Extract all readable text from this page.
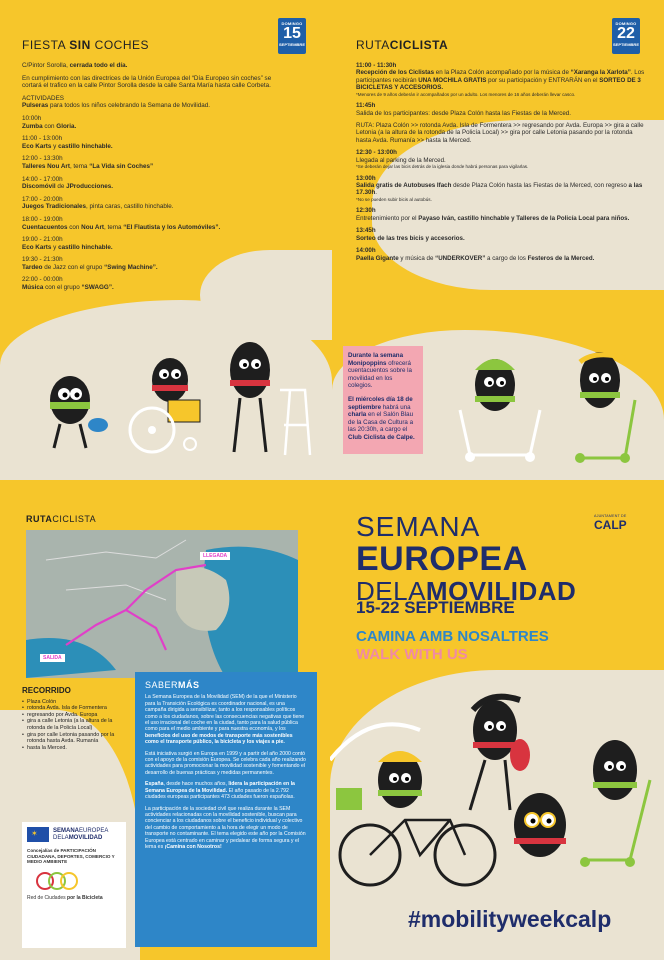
FIESTA SIN COCHES
DOMINGO
15
SEPTIEMBRE

C/Pintor Sorolla, cerrada todo el día.

En cumplimiento con las directrices de la Unión Europea del “Día Europeo sin coches” se cortará el trafico en la calle Pintor Sorolla desde la calle Santa María hasta calle Corbeta.

ACTIVIDADES

Pulseras para todos los niños celebrando la Semana de Movilidad.

10:00h
Zumba con Gloria.

11:00 - 13:00h
Eco Karts y castillo hinchable.

12:00 - 13:30h
Talleres Nou Art, tema “La Vida sin Coches”

14:00 - 17:00h
Discomóvil de JProducciones.

17:00 - 20:00h
Juegos Tradicionales, pinta caras, castillo hinchable.

18:00 - 19:00h
Cuentacuentos con Nou Art, tema “El Flautista y los Automóviles”.

19:00 - 21:00h
Eco Karts y castillo hinchable.

19:30 - 21:30h
Tardeo de Jazz con el grupo “Swing Machine”.

22:00 - 00:00h
Música con el grupo “SWAGG”.

RUTACICLISTA
DOMINGO
22
SEPTIEMBRE

11:00 - 11:30h
Recepción de los Ciclistas en la Plaza Colón acompañado por la música de “Xaranga la Xarlota”. Los participantes recibirán UNA MOCHILA GRATIS por su participación y ENTRARÁN en el SORTEO DE 3 BICICLETAS Y ACCESORIOS.
*Menores de 9 años deberán ir acompañados por un adulto. Los menores de 16 años deberán llevar casco.

11:45h
Salida de los participantes: desde Plaza Colón hasta las Fiestas de la Merced.

RUTA: Plaza Colón >> rotonda Avda. Isla de Formentera >> regresando por Avda. Europa >> gira a calle Letonia (a la altura de la rotonda de la Policía Local) >> gira por calle Letonia pasando por la rotonda hasta Avda. Rumanía >> hasta la Merced.

12:30 - 13:00h
Llegada al parking de la Merced.
*Se deberán dejar las bicis detrás de la iglesia donde habrá personas para vigilarlas.

13:00h
Salida gratis de Autobuses Ifach desde Plaza Colón hasta las Fiestas de la Merced, con regreso a las 17.30h.
*No se pueden subir bicis al autobús.

12:30h
Entretenimiento por el Payaso Iván, castillo hinchable y Talleres de la Policía Local para niños.

13:45h
Sorteo de las tres bicis y accesorios.

14:00h
Paella Gigante y música de “UNDERKOVER” a cargo de los Festeros de la Merced.

Durante la semana Monipoppins ofrecerá cuentacuentos sobre la movilidad en los colegios.

El miércoles día 18 de septiembre habrá una charla en el Salón Blau de la Casa de Cultura a las 20:30h, a cargo el Club Ciclista de Calpe.

RUTACICLISTA
LLEGADA
SALIDA
RECORRIDO
• Plaza Colón
• rotonda Avda. Isla de Formentera
• regresando por Avda. Europa
• gira a calle Letonia (a la altura de la rotonda de la Policía Local)
• gira por calle Letonia pasando por la rotonda hasta Avda. Rumanía
• hasta la Merced.
SABERMÁS

La Semana Europea de la Movilidad (SEM) de la que el Ministerio para la Transición Ecológica es coordinador nacional, es una campaña dirigida a sensibilizar, tanto a los responsables políticos como a los ciudadanos, sobre las consecuencias negativas que tiene el uso irracional del coche en la ciudad, tanto para la salud pública como para el medio ambiente y para nuestra economía, y los beneficios del uso de modos de transporte más sostenibles como el transporte público, la bicicleta y los viajes a pie.

Está iniciativa surgió en Europa en 1999 y a partir del año 2000 contó con el apoyo de la comisión Europea. Se celebra cada año realizando actividades para promocionar la movilidad sostenible y fomentando el desarrollo de buenas prácticas y medidas permanentes.

España, desde hace muchos años, lidera la participación en la Semana Europea de la Movilidad. El año pasado de la 2.792 ciudades europeas participantes 473 ciudades fueron españolas.

La participación de la sociedad civil que realiza durante la SEM actividades relacionadas con la movilidad sostenible, buscan para concienciar a los ciudadanos sobre el beneficio individual y colectivo del cambio de comportamiento a la hora de elegir un modo de transporte no contaminante. El tema elegido este año por la Comisión Europea está centrado en caminar y pedalear de forma segura y el lema es ¡Camina con Nosotros!

✶	SEMANAEUROPEA
DELAMOVILIDAD
Concejalías de PARTICIPACIÓN CIUDADANA, DEPORTES, COMERCIO Y MEDIO AMBIENTE
Red de Ciudades por la Bicicleta
AJUNTAMENT DE
CALP
SEMANA
EUROPEA
DELAMOVILIDAD
15-22 SEPTIEMBRE
CAMINA AMB NOSALTRES
WALK WITH US
#mobilityweekcalp
